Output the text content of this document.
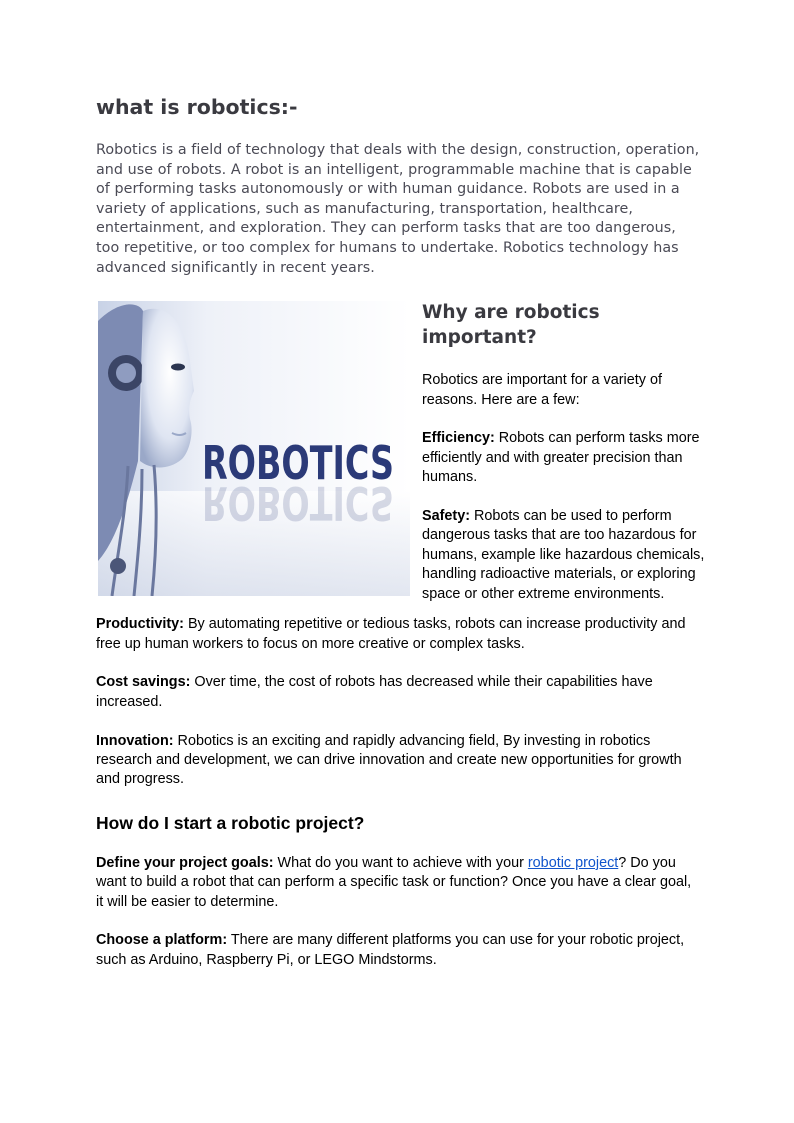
what is robotics:-

Robotics is a field of technology that deals with the design, construction, operation, and use of robots. A robot is an intelligent, programmable machine that is capable of performing tasks autonomously or with human guidance. Robots are used in a variety of applications, such as manufacturing, transportation, healthcare, entertainment, and exploration. They can perform tasks that are too dangerous, too repetitive, or too complex for humans to undertake. Robotics technology has advanced significantly in recent years.

ROBOTICS
ROBOTICS
Why are robotics important?

Robotics are important for a variety of reasons. Here are a few:

Efficiency: Robots can perform tasks more efficiently and with greater precision than humans.

Safety: Robots can be used to perform dangerous tasks that are too hazardous for humans, example like hazardous chemicals, handling radioactive materials, or exploring space or other extreme environments.

Productivity: By automating repetitive or tedious tasks, robots can increase productivity and free up human workers to focus on more creative or complex tasks.

Cost savings: Over time, the cost of robots has decreased while their capabilities have increased.

Innovation: Robotics is an exciting and rapidly advancing field, By investing in robotics research and development, we can drive innovation and create new opportunities for growth and progress.

How do I start a robotic project?

Define your project goals: What do you want to achieve with your robotic project? Do you want to build a robot that can perform a specific task or function? Once you have a clear goal, it will be easier to determine.

Choose a platform: There are many different platforms you can use for your robotic project, such as Arduino, Raspberry Pi, or LEGO Mindstorms.
